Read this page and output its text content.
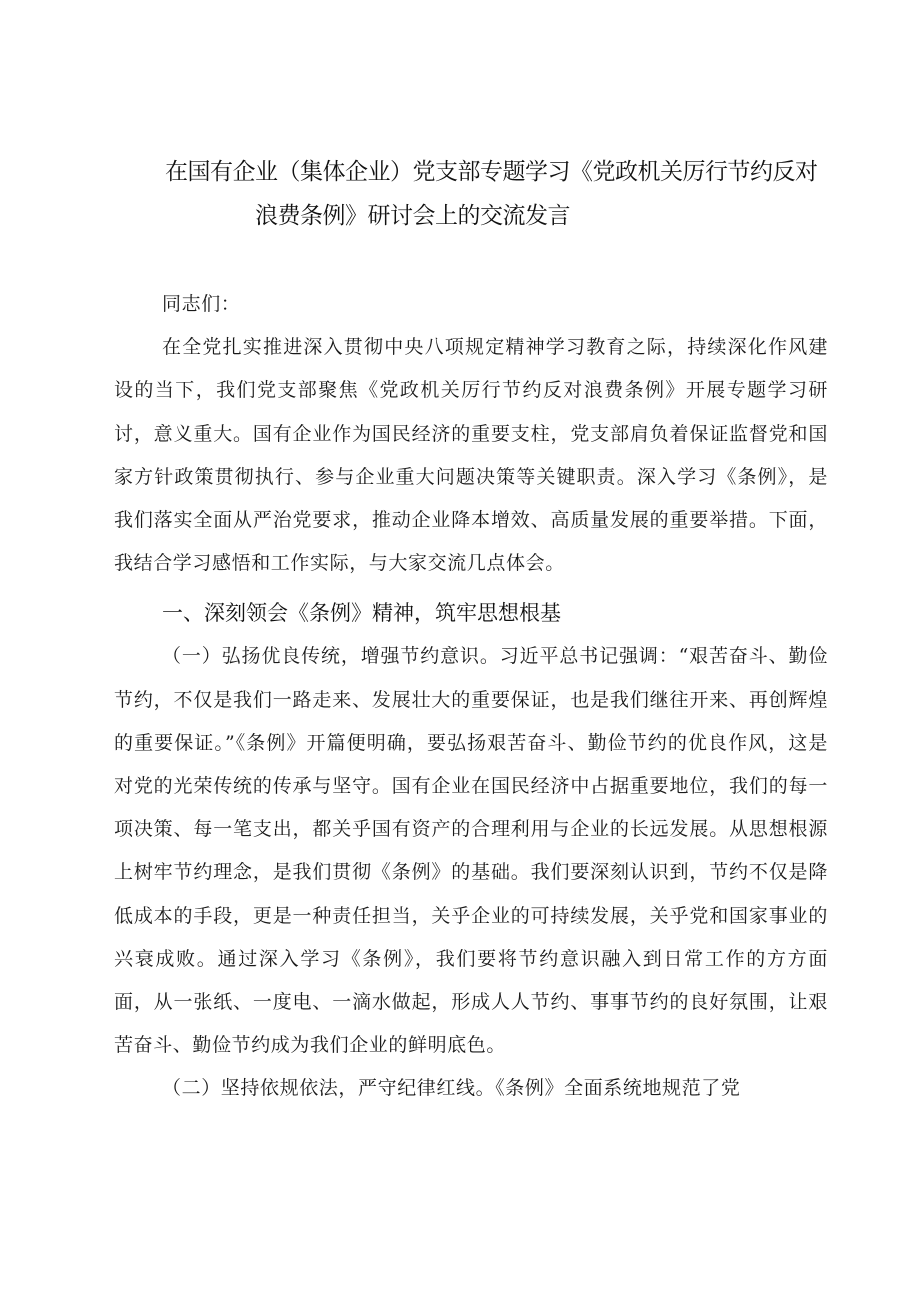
在国有企业（集体企业）党支部专题学习《党政机关厉行节约反对
浪费条例》研讨会上的交流发言

同志们：

在全党扎实推进深入贯彻中央八项规定精神学习教育之际，持续深化作风建设的当下，我们党支部聚焦《党政机关厉行节约反对浪费条例》开展专题学习研讨，意义重大。国有企业作为国民经济的重要支柱，党支部肩负着保证监督党和国家方针政策贯彻执行、参与企业重大问题决策等关键职责。深入学习《条例》，是我们落实全面从严治党要求，推动企业降本增效、高质量发展的重要举措。下面，我结合学习感悟和工作实际，与大家交流几点体会。

一、深刻领会《条例》精神，筑牢思想根基

（一）弘扬优良传统，增强节约意识。习近平总书记强调：“艰苦奋斗、勤俭节约，不仅是我们一路走来、发展壮大的重要保证，也是我们继往开来、再创辉煌的重要保证。”《条例》开篇便明确，要弘扬艰苦奋斗、勤俭节约的优良作风，这是对党的光荣传统的传承与坚守。国有企业在国民经济中占据重要地位，我们的每一项决策、每一笔支出，都关乎国有资产的合理利用与企业的长远发展。从思想根源上树牢节约理念，是我们贯彻《条例》的基础。我们要深刻认识到，节约不仅是降低成本的手段，更是一种责任担当，关乎企业的可持续发展，关乎党和国家事业的兴衰成败。通过深入学习《条例》，我们要将节约意识融入到日常工作的方方面面，从一张纸、一度电、一滴水做起，形成人人节约、事事节约的良好氛围，让艰苦奋斗、勤俭节约成为我们企业的鲜明底色。

（二）坚持依规依法，严守纪律红线。《条例》全面系统地规范了党
